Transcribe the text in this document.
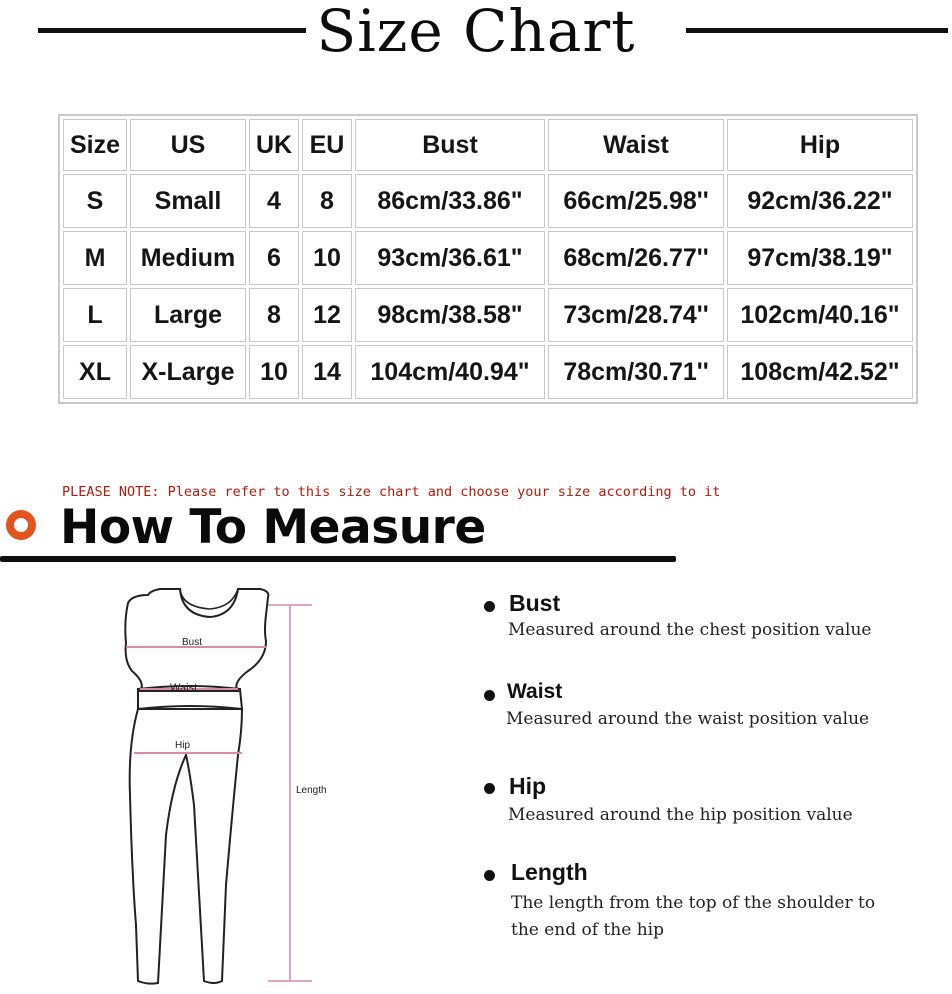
Size Chart
Size	US	UK	EU	Bust	Waist	Hip
S	Small	4	8	86cm/33.86"	66cm/25.98''	92cm/36.22"
M	Medium	6	10	93cm/36.61"	68cm/26.77''	97cm/38.19"
L	Large	8	12	98cm/38.58"	73cm/28.74''	102cm/40.16"
XL	X-Large	10	14	104cm/40.94"	78cm/30.71''	108cm/42.52"
PLEASE NOTE: Please refer to this size chart and choose your size according to it
How To Measure
Bust
Waist
Hip
Length
Bust
Measured around the chest position value
Waist
Measured around the waist position value
Hip
Measured around the hip position value
Length
The length from the top of the shoulder to
the end of the hip
